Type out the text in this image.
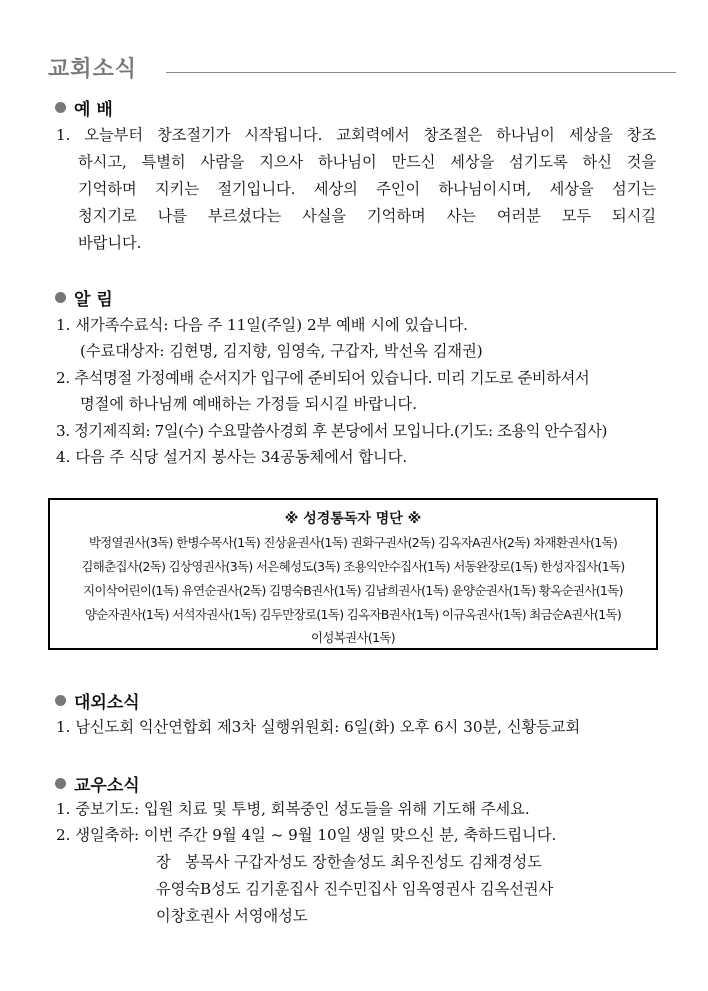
교회소식
예 배
1. 오늘부터 창조절기가 시작됩니다. 교회력에서 창조절은 하나님이 세상을 창조
하시고, 특별히 사람을 지으사 하나님이 만드신 세상을 섬기도록 하신 것을
기억하며 지키는 절기입니다. 세상의 주인이 하나님이시며, 세상을 섬기는
청지기로 나를 부르셨다는 사실을 기억하며 사는 여러분 모두 되시길
바랍니다.
알 림
1. 새가족수료식: 다음 주 11일(주일) 2부 예배 시에 있습니다.
(수료대상자: 김현명, 김지향, 임영숙, 구갑자, 박선옥 김재권)
2. 추석명절 가정예배 순서지가 입구에 준비되어 있습니다. 미리 기도로 준비하셔서
명절에 하나님께 예배하는 가정들 되시길 바랍니다.
3. 정기제직회: 7일(수) 수요말씀사경회 후 본당에서 모입니다.(기도: 조용익 안수집사)
4. 다음 주 식당 설거지 봉사는 34공동체에서 합니다.
※ 성경통독자 명단 ※
박정열권사(3독) 한병수목사(1독) 진상윤권사(1독) 권화구권사(2독) 김옥자A권사(2독) 차재환권사(1독)
김해춘집사(2독) 김상영권사(3독) 서은혜성도(3독) 조용익안수집사(1독) 서동완장로(1독) 한성자집사(1독)
지이삭어린이(1독) 유연순권사(2독) 김명숙B권사(1독) 김남희권사(1독) 윤양순권사(1독) 황옥순권사(1독)
양순자권사(1독) 서석자권사(1독) 김두만장로(1독) 김옥자B권사(1독) 이규옥권사(1독) 최금순A권사(1독)
이성복권사(1독)
대외소식
1. 남신도회 익산연합회 제3차 실행위원회: 6일(화) 오후 6시 30분, 신황등교회
교우소식
1. 중보기도: 입원 치료 및 투병, 회복중인 성도들을 위해 기도해 주세요.
2. 생일축하: 이번 주간 9월 4일 ~ 9월 10일 생일 맞으신 분, 축하드립니다.
장   봉목사 구갑자성도 장한솔성도 최우진성도 김채경성도
유영숙B성도 김기훈집사 진수민집사 임옥영권사 김옥선권사
이창호권사 서영애성도
